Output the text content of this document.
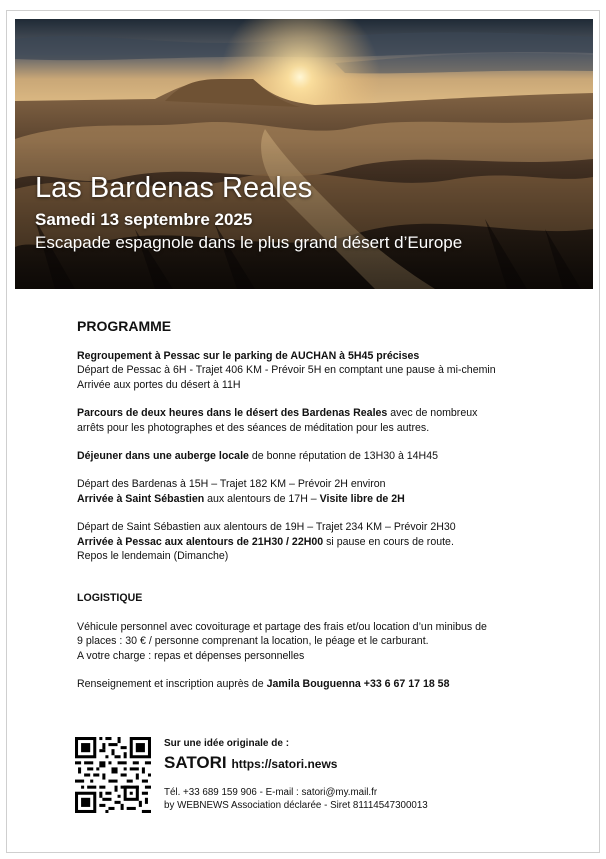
Las Bardenas Reales
Samedi 13 septembre 2025
Escapade espagnole dans le plus grand désert d’Europe
PROGRAMME
Regroupement à Pessac sur le parking de AUCHAN à 5H45 précises
Départ de Pessac à 6H - Trajet 406 KM - Prévoir 5H en comptant une pause à mi-chemin
Arrivée aux portes du désert à 11H
Parcours de deux heures dans le désert des Bardenas Reales avec de nombreux
arrêts pour les photographes et des séances de méditation pour les autres.
Déjeuner dans une auberge locale de bonne réputation de 13H30 à 14H45
Départ des Bardenas à 15H – Trajet 182 KM – Prévoir 2H environ
Arrivée à Saint Sébastien aux alentours de 17H – Visite libre de 2H
Départ de Saint Sébastien aux alentours de 19H – Trajet 234 KM – Prévoir 2H30
Arrivée à Pessac aux alentours de 21H30 / 22H00 si pause en cours de route.
Repos le lendemain (Dimanche)
LOGISTIQUE
Véhicule personnel avec covoiturage et partage des frais et/ou location d’un minibus de
9 places : 30 € / personne comprenant la location, le péage et le carburant.
A votre charge : repas et dépenses personnelles
Renseignement et inscription auprès de Jamila Bouguenna +33 6 67 17 18 58
Sur une idée originale de :
SATORI https://satori.news
Tél. +33 689 159 906 - E-mail : satori@my.mail.fr
by WEBNEWS Association déclarée - Siret 81114547300013
